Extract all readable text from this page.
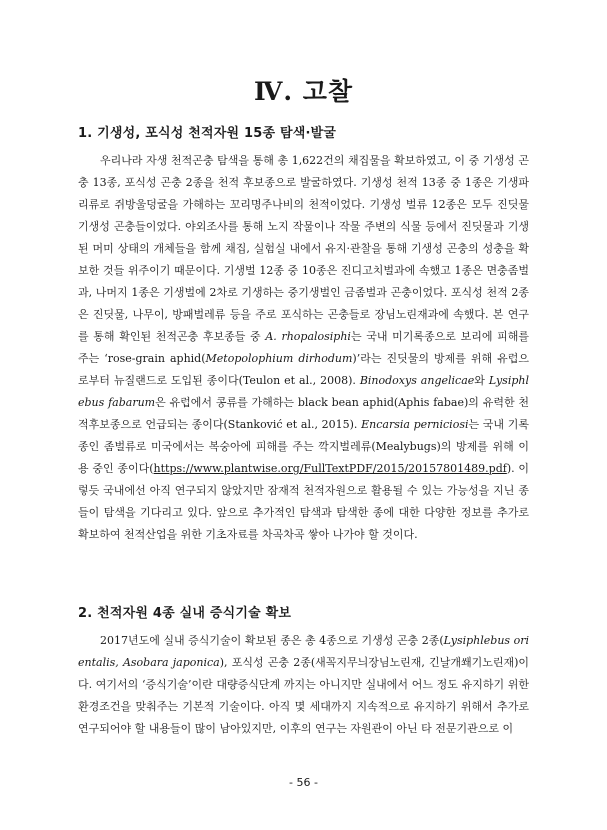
Ⅳ. 고찰
1. 기생성, 포식성 천적자원 15종 탐색·발굴

우리나라 자생 천적곤충 탐색을 통해 총 1,622건의 채집물을 확보하였고, 이 중 기생성 곤충 13종, 포식성 곤충 2종을 천적 후보종으로 발굴하였다. 기생성 천적 13종 중 1종은 기생파리류로 쥐방울덩굴을 가해하는 꼬리명주나비의 천적이었다. 기생성 벌류 12종은 모두 진딧물 기생성 곤충들이었다. 야외조사를 통해 노지 작물이나 작물 주변의 식물 등에서 진딧물과 기생된 머미 상태의 개체들을 함께 채집, 실험실 내에서 유지·관찰을 통해 기생성 곤충의 성충을 확보한 것들 위주이기 때문이다. 기생벌 12종 중 10종은 진디고치벌과에 속했고 1종은 면충좀벌과, 나머지 1종은 기생벌에 2차로 기생하는 중기생벌인 금좀벌과 곤충이었다. 포식성 천적 2종은 진딧물, 나무이, 방패벌레류 등을 주로 포식하는 곤충들로 장님노린재과에 속했다. 본 연구를 통해 확인된 천적곤충 후보종들 중 A. rhopalosiphi는 국내 미기록종으로 보리에 피해를 주는 ‘rose-grain aphid(Metopolophium dirhodum)’라는 진딧물의 방제를 위해 유럽으로부터 뉴질랜드로 도입된 종이다(Teulon et al., 2008). Binodoxys angelicae와 Lysiphlebus fabarum은 유럽에서 콩류를 가해하는 black bean aphid(Aphis fabae)의 유력한 천적후보종으로 언급되는 종이다(Stanković et al., 2015). Encarsia perniciosi는 국내 기록종인 좀벌류로 미국에서는 복숭아에 피해를 주는 깍지벌레류(Mealybugs)의 방제를 위해 이용 중인 종이다(https://www.plantwise.org/FullTextPDF/2015/20157801489.pdf). 이렇듯 국내에선 아직 연구되지 않았지만 잠재적 천적자원으로 활용될 수 있는 가능성을 지닌 종들이 탐색을 기다리고 있다. 앞으로 추가적인 탐색과 탐색한 종에 대한 다양한 정보를 추가로 확보하여 천적산업을 위한 기초자료를 차곡차곡 쌓아 나가야 할 것이다.

2. 천적자원 4종 실내 증식기술 확보

2017년도에 실내 증식기술이 확보된 종은 총 4종으로 기생성 곤충 2종(Lysiphlebus orientalis, Asobara japonica), 포식성 곤충 2종(새꼭지무늬장님노린재, 긴날개쐐기노린재)이다. 여기서의 ‘증식기술’이란 대량증식단계 까지는 아니지만 실내에서 어느 정도 유지하기 위한 환경조건을 맞춰주는 기본적 기술이다. 아직 몇 세대까지 지속적으로 유지하기 위해서 추가로 연구되어야 할 내용들이 많이 남아있지만, 이후의 연구는 자원관이 아닌 타 전문기관으로 이

- 56 -
